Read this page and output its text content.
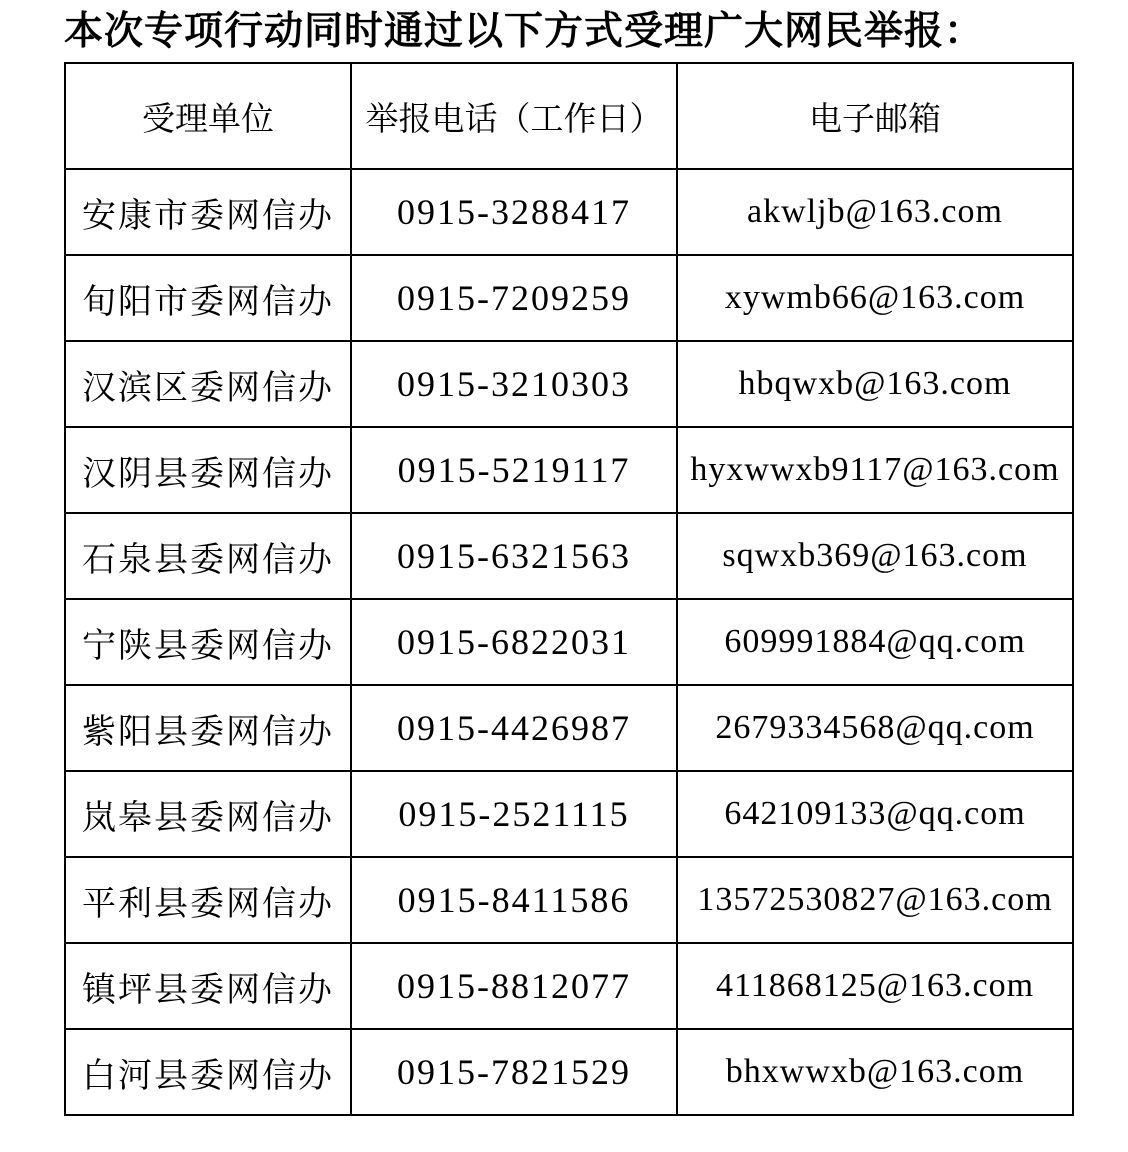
本次专项行动同时通过以下方式受理广大网民举报：
受理单位	举报电话（工作日）	电子邮箱
安康市委网信办	0915-3288417	akwljb@163.com
旬阳市委网信办	0915-7209259	xywmb66@163.com
汉滨区委网信办	0915-3210303	hbqwxb@163.com
汉阴县委网信办	0915-5219117	hyxwwxb9117@163.com
石泉县委网信办	0915-6321563	sqwxb369@163.com
宁陕县委网信办	0915-6822031	609991884@qq.com
紫阳县委网信办	0915-4426987	2679334568@qq.com
岚皋县委网信办	0915-2521115	642109133@qq.com
平利县委网信办	0915-8411586	13572530827@163.com
镇坪县委网信办	0915-8812077	411868125@163.com
白河县委网信办	0915-7821529	bhxwwxb@163.com
